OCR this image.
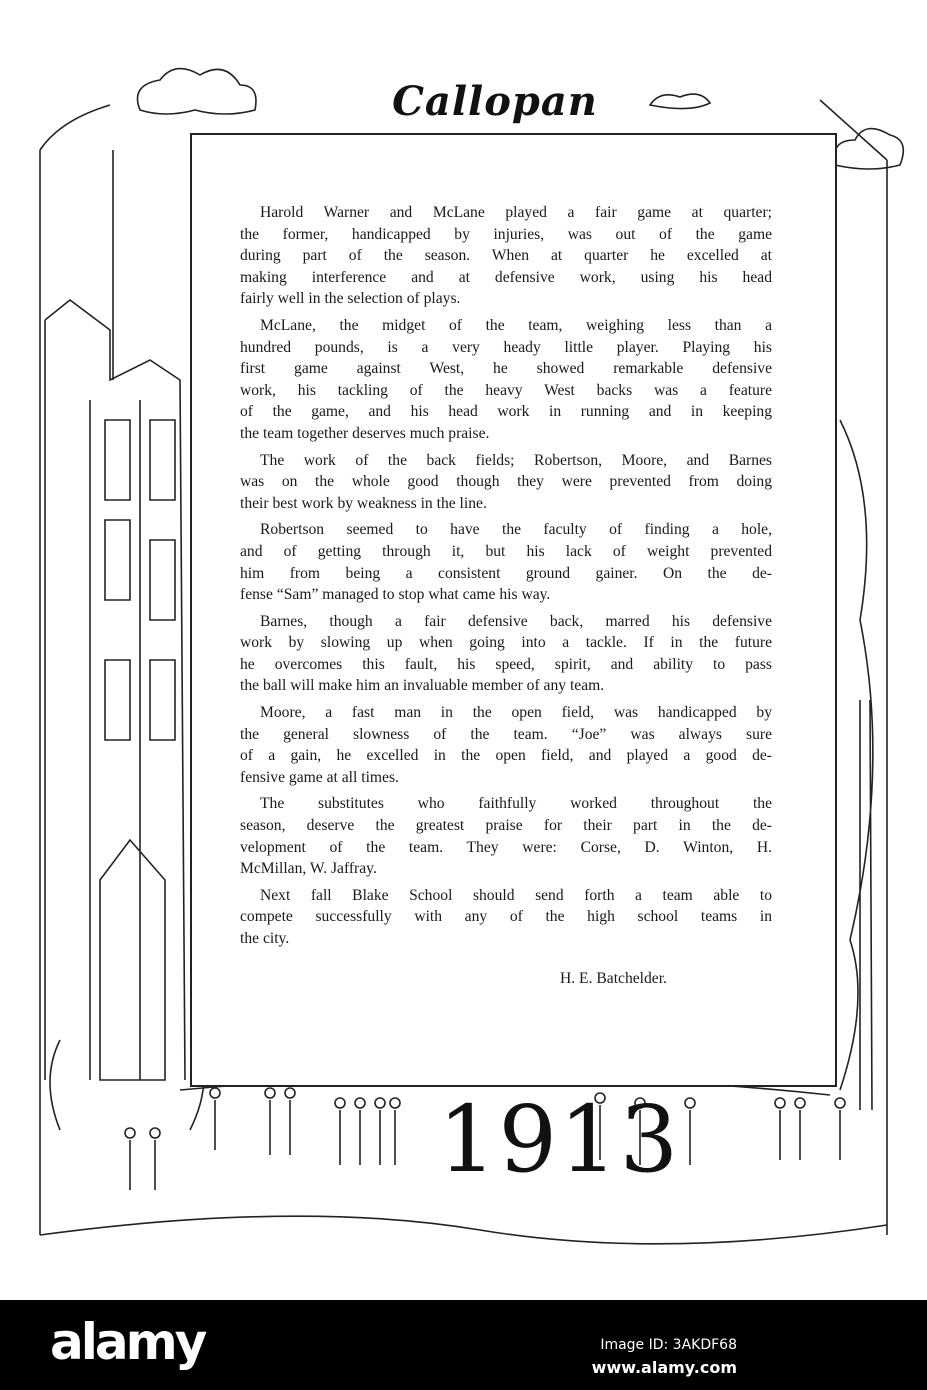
Callopan
Harold Warner and McLane played a fair game at quarter;
the former, handicapped by injuries, was out of the game
during part of the season. When at quarter he excelled at
making interference and at defensive work, using his head
fairly well in the selection of plays.
McLane, the midget of the team, weighing less than a
hundred pounds, is a very heady little player. Playing his
first game against West, he showed remarkable defensive
work, his tackling of the heavy West backs was a feature
of the game, and his head work in running and in keeping
the team together deserves much praise.
The work of the back fields; Robertson, Moore, and Barnes
was on the whole good though they were prevented from doing
their best work by weakness in the line.
Robertson seemed to have the faculty of finding a hole,
and of getting through it, but his lack of weight prevented
him from being a consistent ground gainer. On the de-
fense “Sam” managed to stop what came his way.
Barnes, though a fair defensive back, marred his defensive
work by slowing up when going into a tackle. If in the future
he overcomes this fault, his speed, spirit, and ability to pass
the ball will make him an invaluable member of any team.
Moore, a fast man in the open field, was handicapped by
the general slowness of the team. “Joe” was always sure
of a gain, he excelled in the open field, and played a good de-
fensive game at all times.
The substitutes who faithfully worked throughout the
season, deserve the greatest praise for their part in the de-
velopment of the team. They were: Corse, D. Winton, H.
McMillan, W. Jaffray.
Next fall Blake School should send forth a team able to
compete successfully with any of the high school teams in
the city.
H. E. Batchelder.
1913
alamy	Image ID: 3AKDF68
www.alamy.com
